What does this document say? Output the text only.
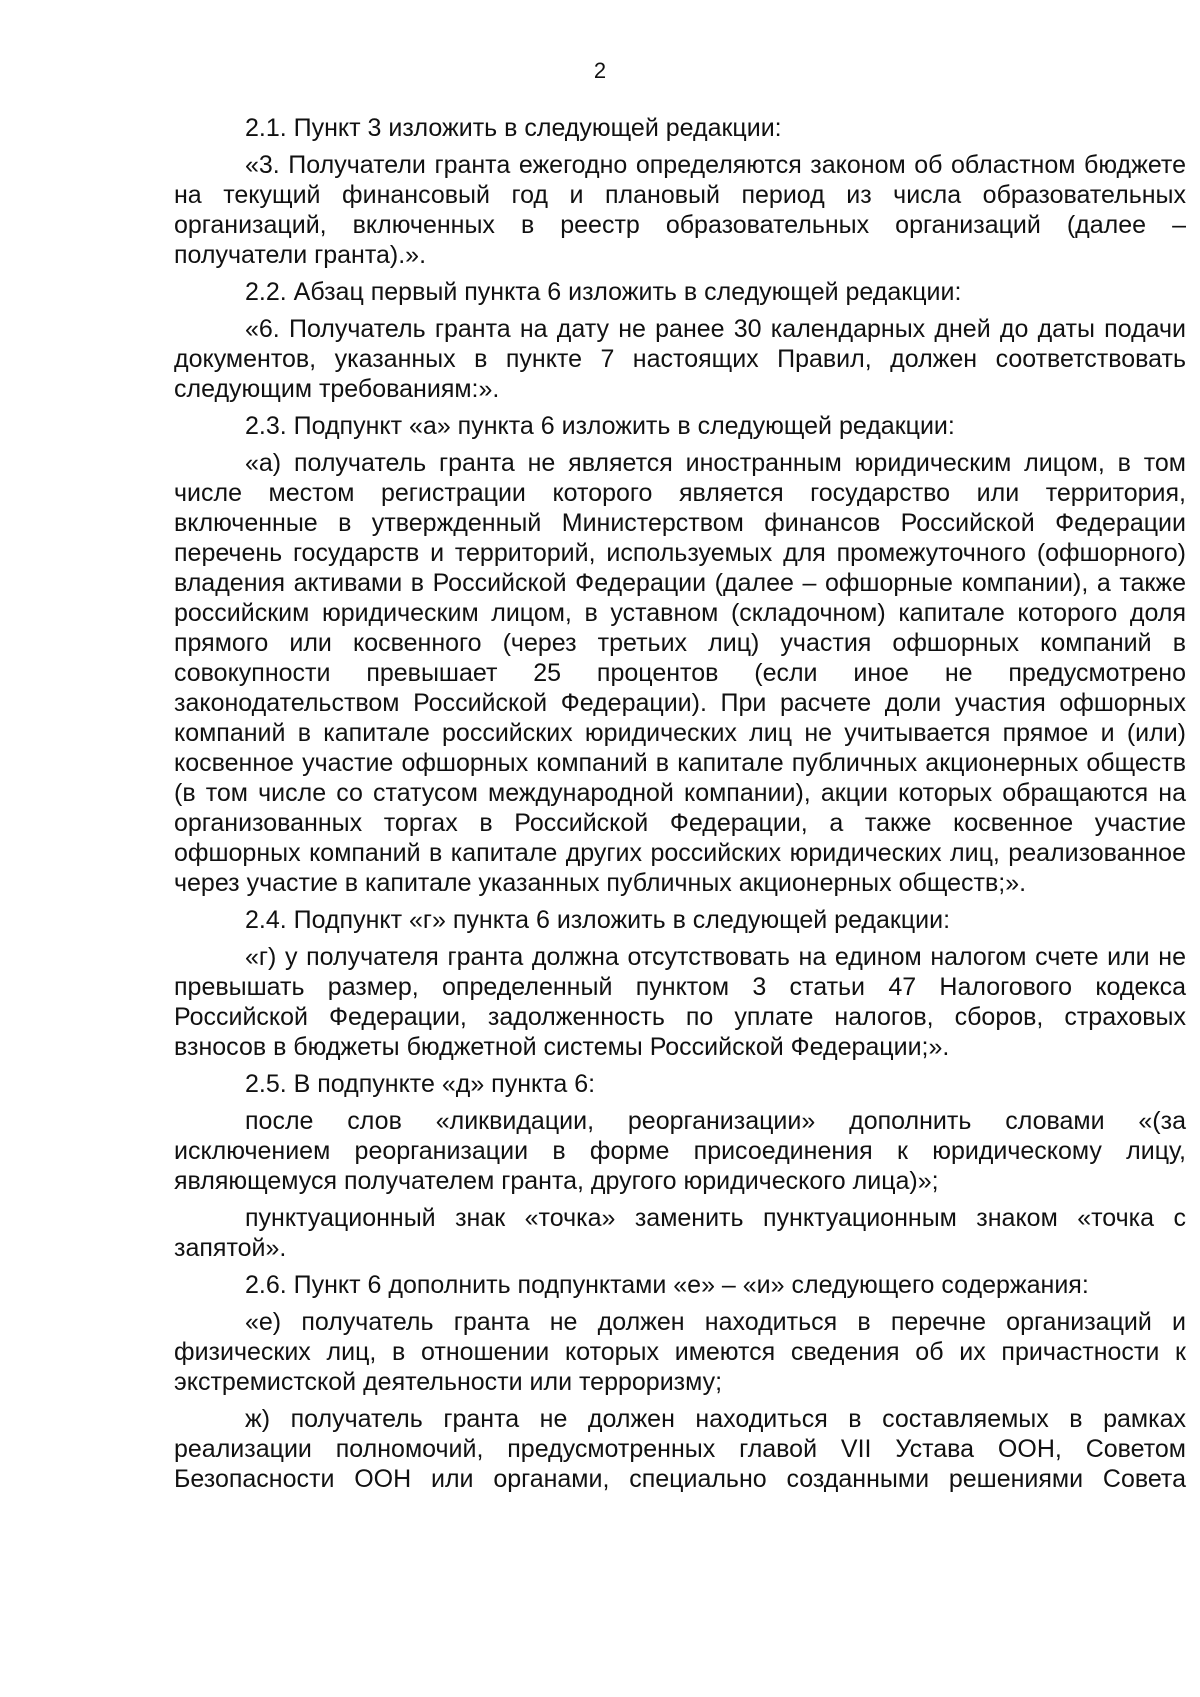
2

2.1. Пункт 3 изложить в следующей редакции:

«3. Получатели гранта ежегодно определяются законом об областном бюджете на текущий финансовый год и плановый период из числа образовательных организаций, включенных в реестр образовательных организаций (далее – получатели гранта).».

2.2. Абзац первый пункта 6 изложить в следующей редакции:

«6. Получатель гранта на дату не ранее 30 календарных дней до даты подачи документов, указанных в пункте 7 настоящих Правил, должен соответствовать следующим требованиям:».

2.3. Подпункт «а» пункта 6 изложить в следующей редакции:

«а) получатель гранта не является иностранным юридическим лицом, в том числе местом регистрации которого является государство или территория, включенные в утвержденный Министерством финансов Российской Федерации перечень государств и территорий, используемых для промежуточного (офшорного) владения активами в Российской Федерации (далее – офшорные компании), а также российским юридическим лицом, в уставном (складочном) капитале которого доля прямого или косвенного (через третьих лиц) участия офшорных компаний в совокупности превышает 25 процентов (если иное не предусмотрено законодательством Российской Федерации). При расчете доли участия офшорных компаний в капитале российских юридических лиц не учитывается прямое и (или) косвенное участие офшорных компаний в капитале публичных акционерных обществ (в том числе со статусом международной компании), акции которых обращаются на организованных торгах в Российской Федерации, а также косвенное участие офшорных компаний в капитале других российских юридических лиц, реализованное через участие в капитале указанных публичных акционерных обществ;».

2.4. Подпункт «г» пункта 6 изложить в следующей редакции:

«г) у получателя гранта должна отсутствовать на едином налогом счете или не превышать размер, определенный пунктом 3 статьи 47 Налогового кодекса Российской Федерации, задолженность по уплате налогов, сборов, страховых взносов в бюджеты бюджетной системы Российской Федерации;».

2.5. В подпункте «д» пункта 6:

после слов «ликвидации, реорганизации» дополнить словами «(за исключением реорганизации в форме присоединения к юридическому лицу, являющемуся получателем гранта, другого юридического лица)»;

пунктуационный знак «точка» заменить пунктуационным знаком «точка с запятой».

2.6. Пункт 6 дополнить подпунктами «е» – «и» следующего содержания:

«е) получатель гранта не должен находиться в перечне организаций и физических лиц, в отношении которых имеются сведения об их причастности к экстремистской деятельности или терроризму;

ж) получатель гранта не должен находиться в составляемых в рамках реализации полномочий, предусмотренных главой VII Устава ООН, Советом Безопасности ООН или органами, специально созданными решениями Совета
